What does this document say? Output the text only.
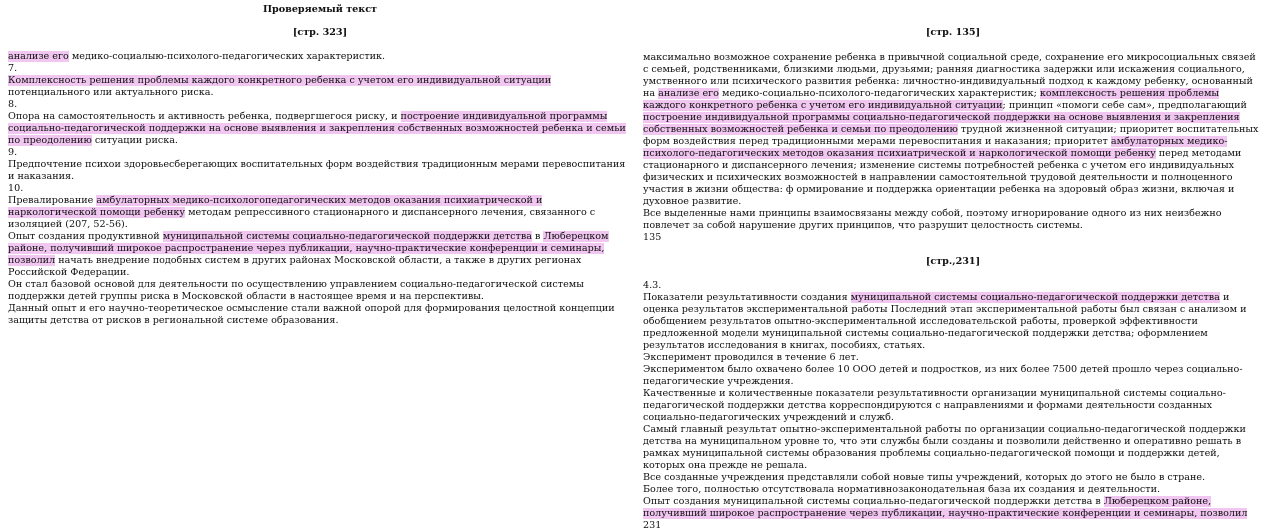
Проверяемый текст
[стр. 323]

анализе его медико-социалыю-психолого-педагогических характеристик.

7.

Комплексность решения проблемы каждого конкретного ребенка с учетом его индивидуальной ситуации потенциального или актуального риска.

8.

Опора на самостоятельность и активность ребенка, подвергшегося риску, и построение индивидуальной программы социально-педагогической поддержки на основе выявления и закрепления собственных возможностей ребенка и семьи по преодолению ситуации риска.

9.

Предпочтение психои здоровьесберегающих воспитательных форм воздействия традиционным мерами перевоспитания и наказания.

10.

Превалирование амбулаторных медико-психологопедагогических методов оказания психиатрической и наркологической помощи ребенку методам репрессивного стационарного и диспансерного лечения, связанного с изоляцией (207, 52-56).

Опыт создания продуктивной муниципальной системы социально-педагогической поддержки детства в Люберецком районе, получивший широкое распространение через публикации, научно-практические конференции и семинары, позволил начать внедрение подобных систем в других районах Московской области, а также в других регионах Российской Федерации.

Он стал базовой основой для деятельности по осуществлению управлением социально-педагогической системы поддержки детей группы риска в Московской области в настоящее время и на перспективы.

Данный опыт и его научно-теоретическое осмысление стали важной опорой для формирования целостной концепции защиты детства от рисков в региональной системе образования.

[стр. 135]

максимально возможное сохранение ребенка в привычной социальной среде, сохранение его микросоциальных связей с семьей, родственниками, близкими людьми, друзьями; ранняя диагностика задержки или искажения социального, умственного или психического развития ребенка: личностно-индивидуальный подход к каждому ребенку, основанный на анализе его медико-социально-психолого-педагогических характеристик; комплексность решения проблемы каждого конкретного ребенка с учетом его индивидуальной ситуации; принцип «помоги себе сам», предполагающий построение индивидуальной программы социально-педагогической поддержки на основе выявления и закрепления собственных возможностей ребенка и семьи по преодолению трудной жизненной ситуации; приоритет воспитательных форм воздействия перед традиционными мерами перевоспитания и наказания; приоритет амбулаторных медико-психолого-педагогических методов оказания психиатрической и наркологической помощи ребенку перед методами стационарного и диспансерного лечения; изменение системы потребностей ребенка с учетом его индивидуальных физических и психических возможностей в направлении самостоятельной трудовой деятельности и полноценного участия в жизни общества: ф ормирование и поддержка ориентации ребенка на здоровый образ жизни, включая и духовное развитие.

Все выделенные нами принципы взаимосвязаны между собой, поэтому игнорирование одного из них неизбежно повлечет за собой нарушение других принципов, что разрушит целостность системы.

135

[стр.,231]

4.3.

Показатели результативности создания муниципальной системы социально-педагогической поддержки детства и оценка результатов экспериментальной работы Последний этап экспериментальной работы был связан с анализом и обобщением результатов опытно-экспериментальной исследовательской работы, проверкой эффективности предложенной модели муниципальной системы социально-педагогической поддержки детства; оформлением результатов исследования в книгах, пособиях, статьях.

Эксперимент проводился в течение 6 лет.

Экспериментом было охвачено более 10 ООО детей и подростков, из них более 7500 детей прошло через социально-педагогические учреждения.

Качественные и количественные показатели результативности организации муниципальной системы социально-педагогической поддержки детства корреспондируются с направлениями и формами деятельности созданных социально-педагогических учреждений и служб.

Самый главный результат опытно-экспериментальной работы по организации социально-педагогической поддержки детства на муниципальном уровне то, что эти службы были созданы и позволили действенно и оперативно решать в рамках муниципальной системы образования проблемы социально-педагогической помощи и поддержки детей, которых она прежде не решала.

Все созданные учреждения представляли собой новые типы учреждений, которых до этого не было в стране.

Более того, полностью отсутствовала нормативнозаконодательная база их создания и деятельности.

Опыт создания муниципальной системы социально-педагогической поддержки детства в Люберецком районе, получивший широкое распространение через публикации, научно-практические конференции и семинары, позволил 231
